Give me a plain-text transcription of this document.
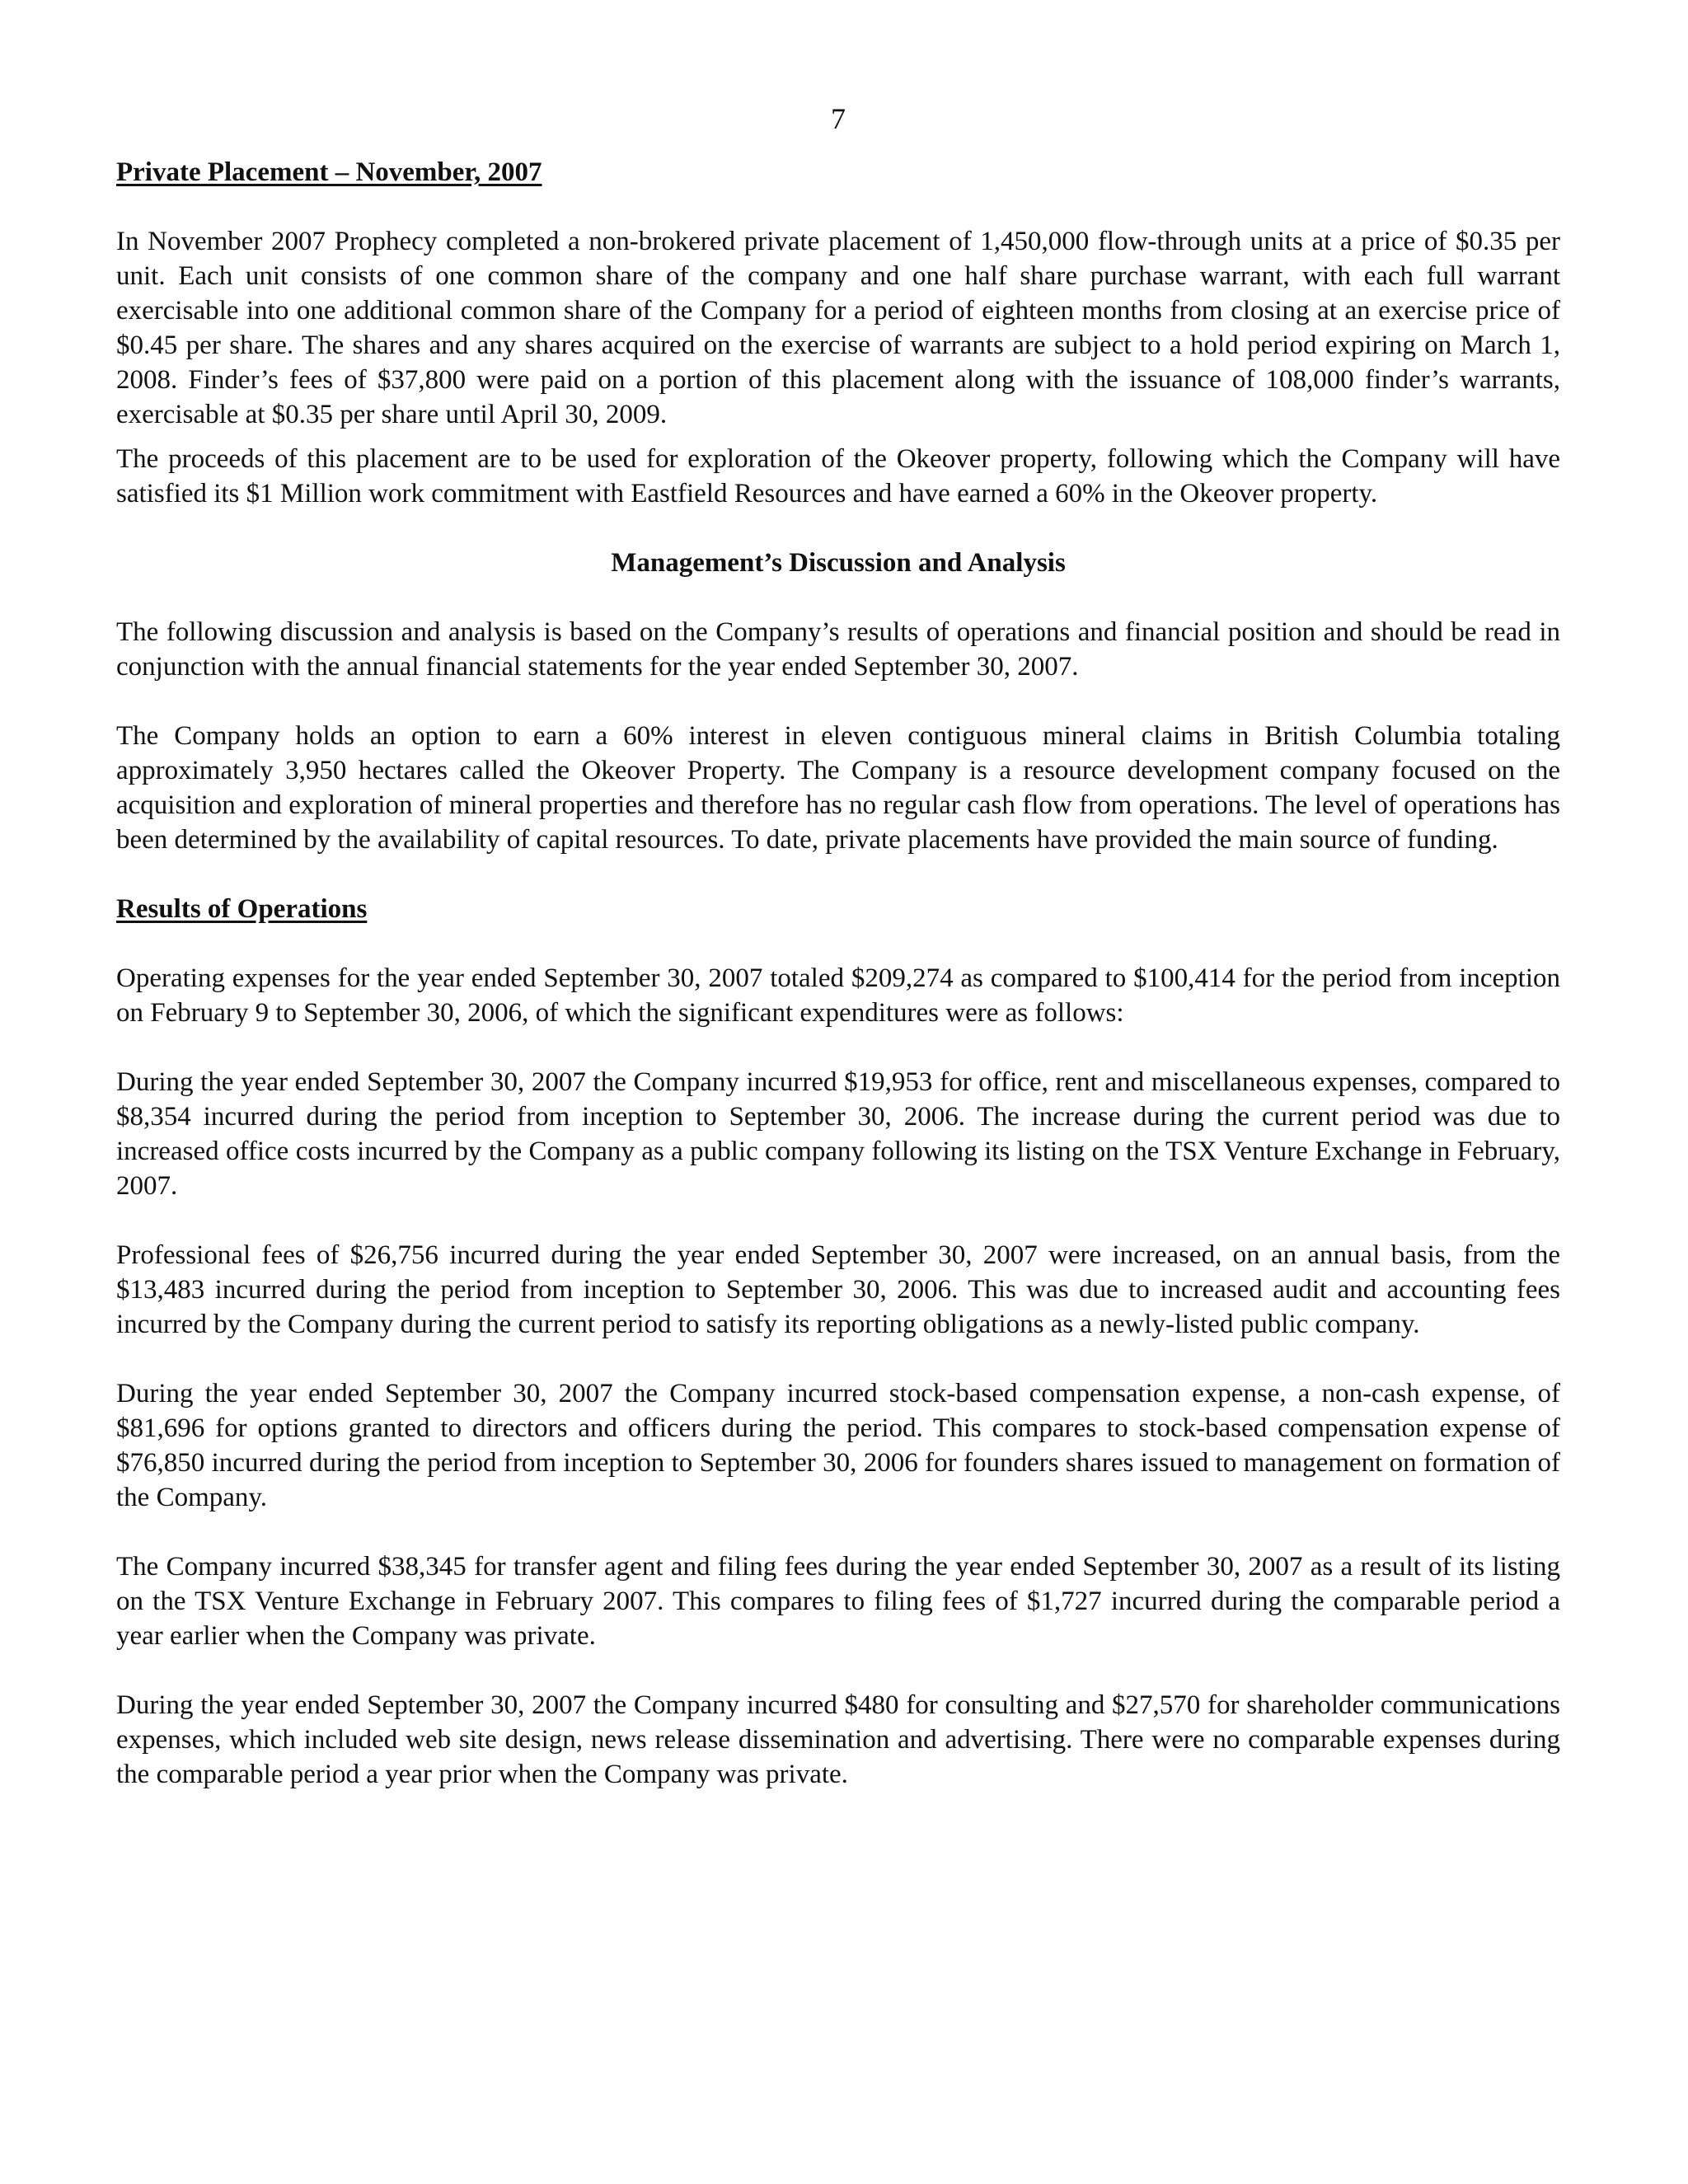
7
Private Placement – November, 2007

In November 2007 Prophecy completed a non-brokered private placement of 1,450,000 flow-through units at a price of $0.35 per unit. Each unit consists of one common share of the company and one half share purchase warrant, with each full warrant exercisable into one additional common share of the Company for a period of eighteen months from closing at an exercise price of $0.45 per share. The shares and any shares acquired on the exercise of warrants are subject to a hold period expiring on March 1, 2008. Finder’s fees of $37,800 were paid on a portion of this placement along with the issuance of 108,000 finder’s warrants, exercisable at $0.35 per share until April 30, 2009.

The proceeds of this placement are to be used for exploration of the Okeover property, following which the Company will have satisfied its $1 Million work commitment with Eastfield Resources and have earned a 60% in the Okeover property.

Management’s Discussion and Analysis

The following discussion and analysis is based on the Company’s results of operations and financial position and should be read in conjunction with the annual financial statements for the year ended September 30, 2007.

The Company holds an option to earn a 60% interest in eleven contiguous mineral claims in British Columbia totaling approximately 3,950 hectares called the Okeover Property. The Company is a resource development company focused on the acquisition and exploration of mineral properties and therefore has no regular cash flow from operations. The level of operations has been determined by the availability of capital resources. To date, private placements have provided the main source of funding.

Results of Operations

Operating expenses for the year ended September 30, 2007 totaled $209,274 as compared to $100,414 for the period from inception on February 9 to September 30, 2006, of which the significant expenditures were as follows:

During the year ended September 30, 2007 the Company incurred $19,953 for office, rent and miscellaneous expenses, compared to $8,354 incurred during the period from inception to September 30, 2006. The increase during the current period was due to increased office costs incurred by the Company as a public company following its listing on the TSX Venture Exchange in February, 2007.

Professional fees of $26,756 incurred during the year ended September 30, 2007 were increased, on an annual basis, from the $13,483 incurred during the period from inception to September 30, 2006. This was due to increased audit and accounting fees incurred by the Company during the current period to satisfy its reporting obligations as a newly-listed public company.

During the year ended September 30, 2007 the Company incurred stock-based compensation expense, a non-cash expense, of $81,696 for options granted to directors and officers during the period. This compares to stock-based compensation expense of $76,850 incurred during the period from inception to September 30, 2006 for founders shares issued to management on formation of the Company.

The Company incurred $38,345 for transfer agent and filing fees during the year ended September 30, 2007 as a result of its listing on the TSX Venture Exchange in February 2007. This compares to filing fees of $1,727 incurred during the comparable period a year earlier when the Company was private.

During the year ended September 30, 2007 the Company incurred $480 for consulting and $27,570 for shareholder communications expenses, which included web site design, news release dissemination and advertising. There were no comparable expenses during the comparable period a year prior when the Company was private.
